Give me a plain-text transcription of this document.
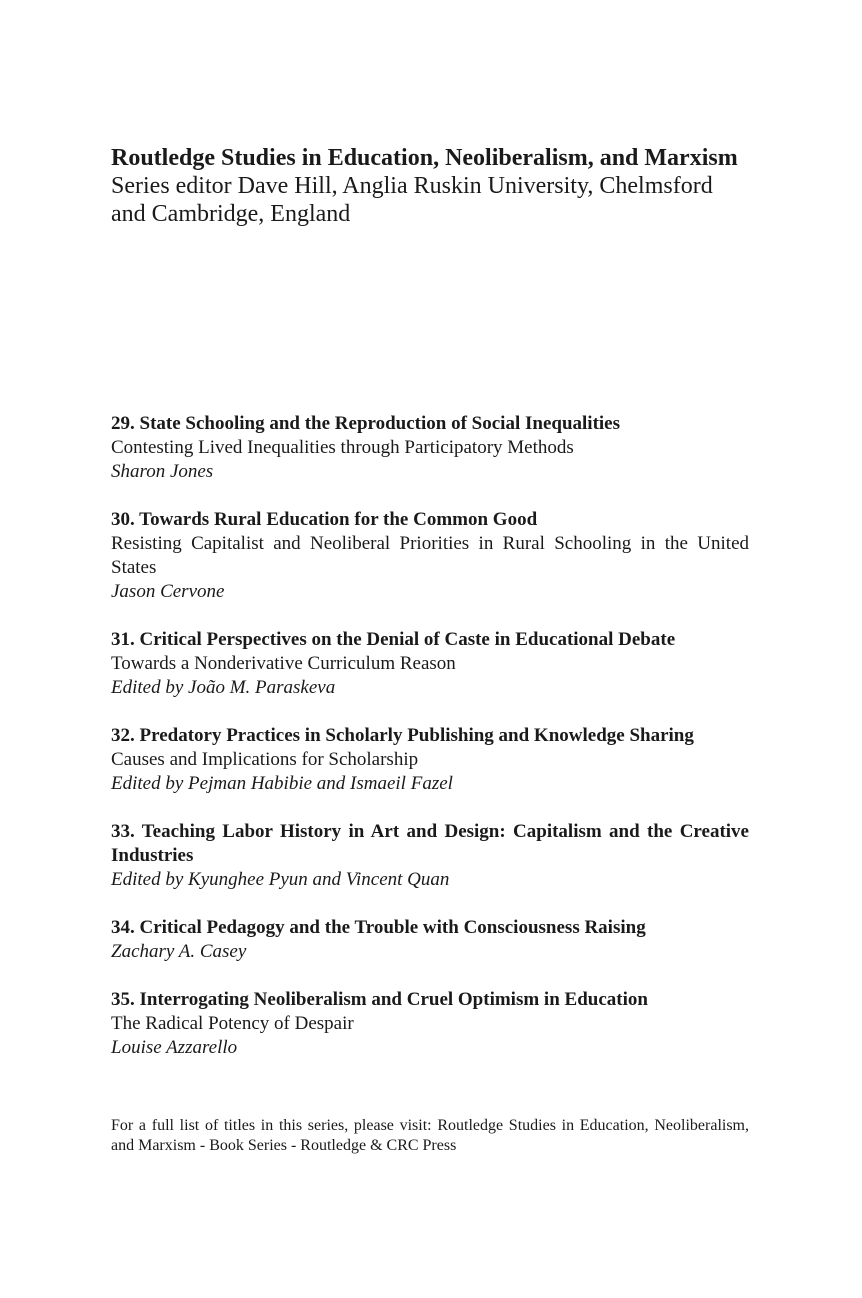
Routledge Studies in Education, Neoliberalism, and Marxism

Series editor Dave Hill, Anglia Ruskin University, Chelmsford and Cambridge, England

29. State Schooling and the Reproduction of Social Inequalities
Contesting Lived Inequalities through Participatory Methods
Sharon Jones
30. Towards Rural Education for the Common Good
Resisting Capitalist and Neoliberal Priorities in Rural Schooling in the United States
Jason Cervone
31. Critical Perspectives on the Denial of Caste in Educational Debate
Towards a Nonderivative Curriculum Reason
Edited by João M. Paraskeva
32. Predatory Practices in Scholarly Publishing and Knowledge Sharing
Causes and Implications for Scholarship
Edited by Pejman Habibie and Ismaeil Fazel
33. Teaching Labor History in Art and Design: Capitalism and the Creative Industries
Edited by Kyunghee Pyun and Vincent Quan
34. Critical Pedagogy and the Trouble with Consciousness Raising
Zachary A. Casey
35. Interrogating Neoliberalism and Cruel Optimism in Education
The Radical Potency of Despair
Louise Azzarello
For a full list of titles in this series, please visit: Routledge Studies in Education, Neoliberalism, and Marxism - Book Series - Routledge & CRC Press
